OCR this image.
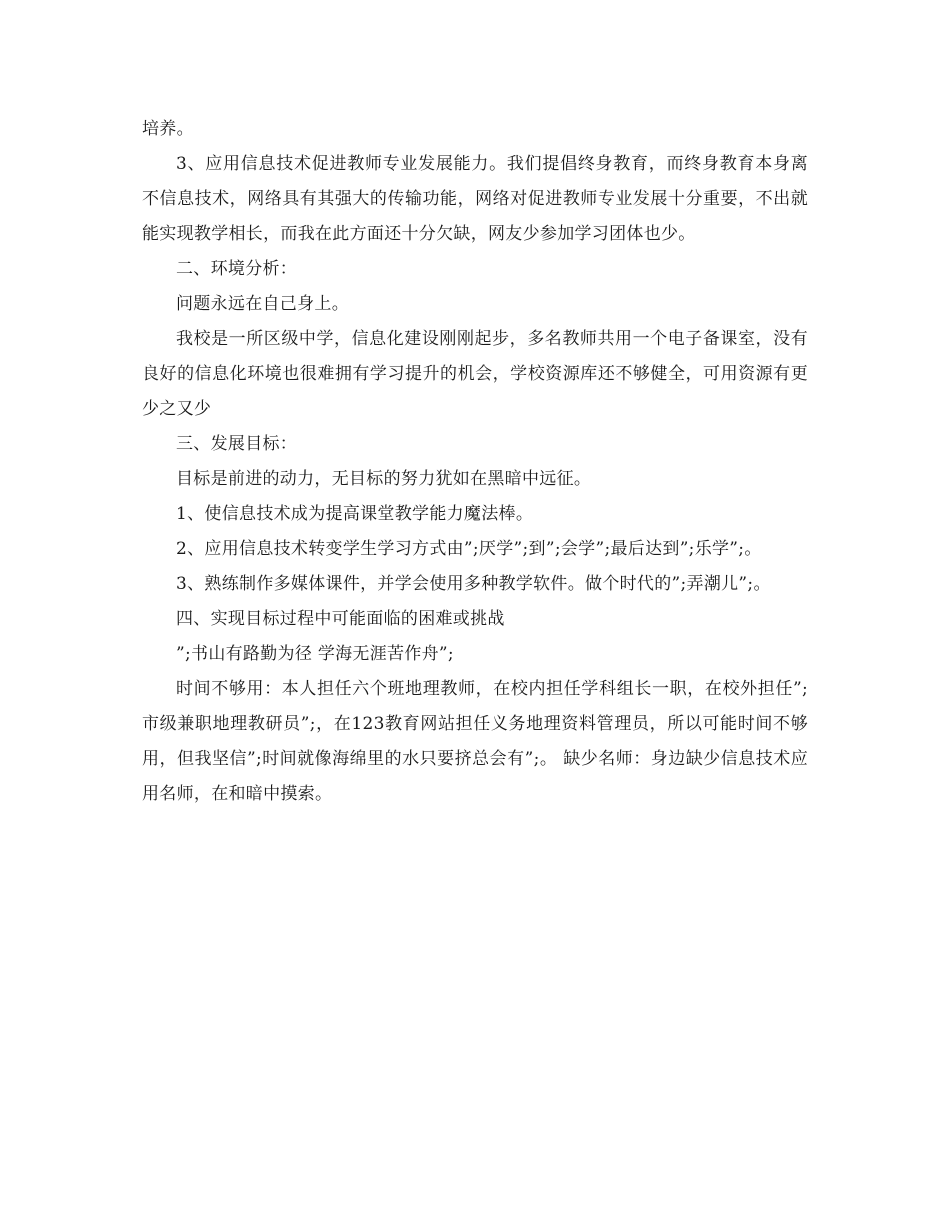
培养。

3、应用信息技术促进教师专业发展能力。我们提倡终身教育，而终身教育本身离不信息技术，网络具有其强大的传输功能，网络对促进教师专业发展十分重要，不出就能实现教学相长，而我在此方面还十分欠缺，网友少参加学习团体也少。

二、环境分析：

问题永远在自己身上。

我校是一所区级中学，信息化建设刚刚起步，多名教师共用一个电子备课室，没有良好的信息化环境也很难拥有学习提升的机会，学校资源库还不够健全，可用资源有更少之又少

三、发展目标：

目标是前进的动力，无目标的努力犹如在黑暗中远征。

1、使信息技术成为提高课堂教学能力魔法棒。

2、应用信息技术转变学生学习方式由”;厌学”;到”;会学”;最后达到”;乐学”;。

3、熟练制作多媒体课件，并学会使用多种教学软件。做个时代的”;弄潮儿”;。

四、实现目标过程中可能面临的困难或挑战

”;书山有路勤为径 学海无涯苦作舟”;

时间不够用：本人担任六个班地理教师，在校内担任学科组长一职，在校外担任”;市级兼职地理教研员”;，在123教育网站担任义务地理资料管理员，所以可能时间不够用，但我坚信”;时间就像海绵里的水只要挤总会有”;。 缺少名师：身边缺少信息技术应用名师，在和暗中摸索。
